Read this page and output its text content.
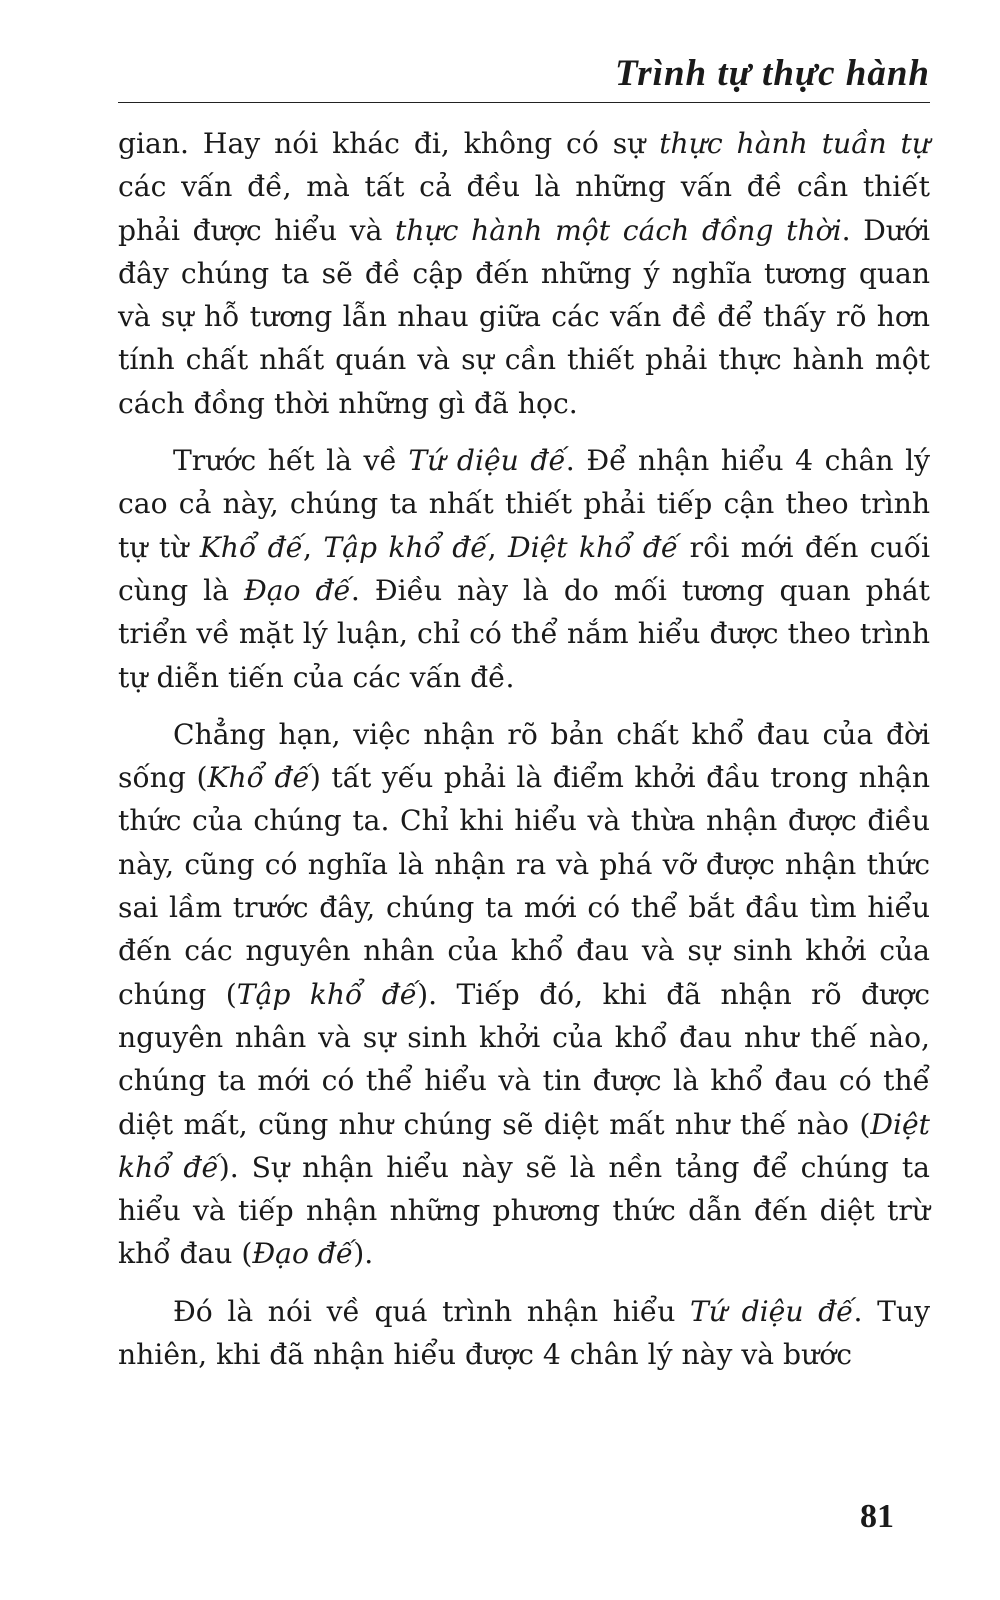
Trình tự thực hành

gian. Hay nói khác đi, không có sự thực hành tuần tự các vấn đề, mà tất cả đều là những vấn đề cần thiết phải được hiểu và thực hành một cách đồng thời. Dưới đây chúng ta sẽ đề cập đến những ý nghĩa tương quan và sự hỗ tương lẫn nhau giữa các vấn đề để thấy rõ hơn tính chất nhất quán và sự cần thiết phải thực hành một cách đồng thời những gì đã học.

Trước hết là về Tứ diệu đế. Để nhận hiểu 4 chân lý cao cả này, chúng ta nhất thiết phải tiếp cận theo trình tự từ Khổ đế, Tập khổ đế, Diệt khổ đế rồi mới đến cuối cùng là Đạo đế. Điều này là do mối tương quan phát triển về mặt lý luận, chỉ có thể nắm hiểu được theo trình tự diễn tiến của các vấn đề.

Chẳng hạn, việc nhận rõ bản chất khổ đau của đời sống (Khổ đế) tất yếu phải là điểm khởi đầu trong nhận thức của chúng ta. Chỉ khi hiểu và thừa nhận được điều này, cũng có nghĩa là nhận ra và phá vỡ được nhận thức sai lầm trước đây, chúng ta mới có thể bắt đầu tìm hiểu đến các nguyên nhân của khổ đau và sự sinh khởi của chúng (Tập khổ đế). Tiếp đó, khi đã nhận rõ được nguyên nhân và sự sinh khởi của khổ đau như thế nào, chúng ta mới có thể hiểu và tin được là khổ đau có thể diệt mất, cũng như chúng sẽ diệt mất như thế nào (Diệt khổ đế). Sự nhận hiểu này sẽ là nền tảng để chúng ta hiểu và tiếp nhận những phương thức dẫn đến diệt trừ khổ đau (Đạo đế).

Đó là nói về quá trình nhận hiểu Tứ diệu đế. Tuy nhiên, khi đã nhận hiểu được 4 chân lý này và bước

81
